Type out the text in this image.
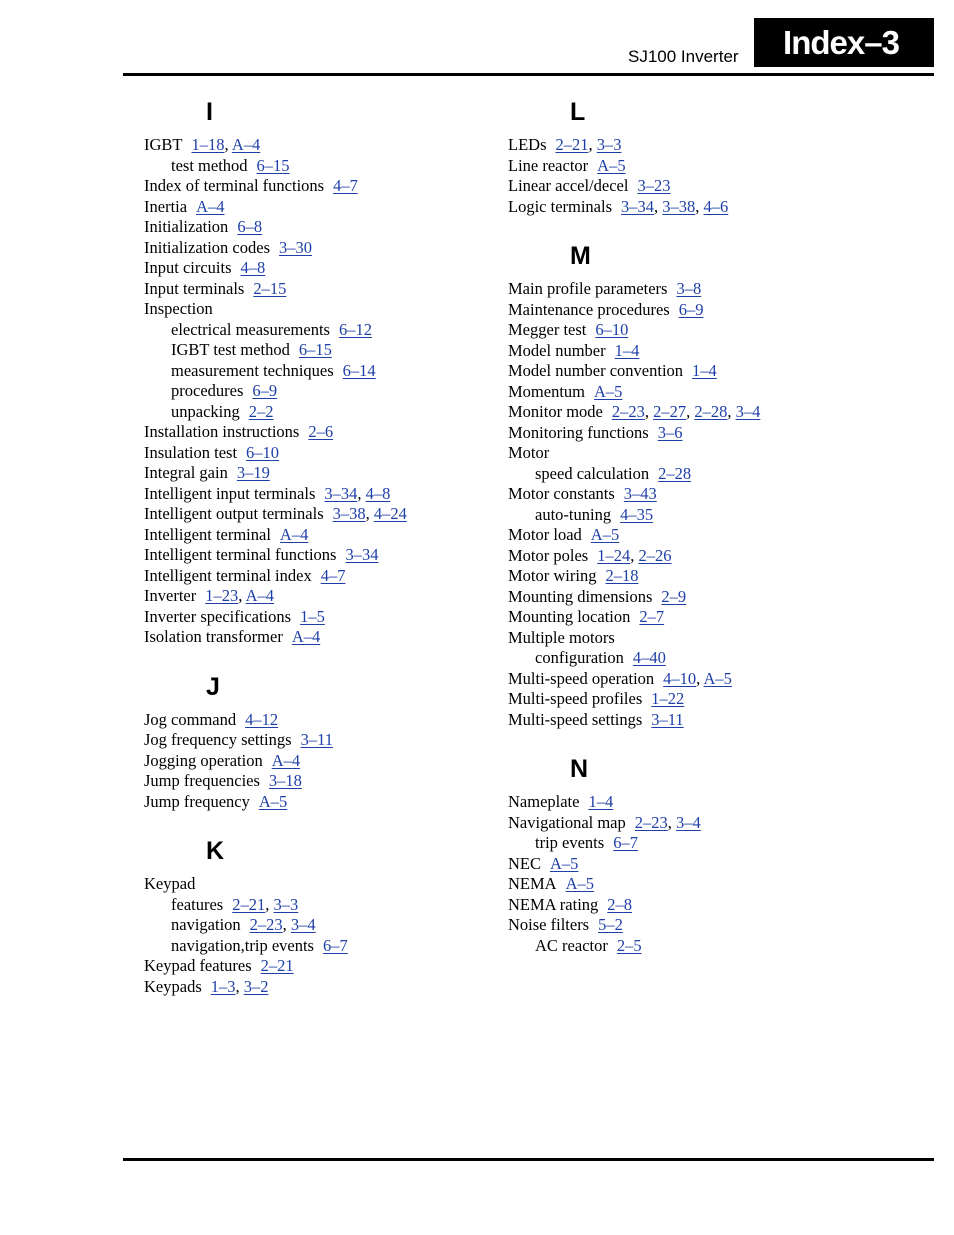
SJ100 Inverter	Index–3
I
IGBT 1–18, A–4
test method 6–15
Index of terminal functions 4–7
Inertia A–4
Initialization 6–8
Initialization codes 3–30
Input circuits 4–8
Input terminals 2–15
Inspection
electrical measurements 6–12
IGBT test method 6–15
measurement techniques 6–14
procedures 6–9
unpacking 2–2
Installation instructions 2–6
Insulation test 6–10
Integral gain 3–19
Intelligent input terminals 3–34, 4–8
Intelligent output terminals 3–38, 4–24
Intelligent terminal A–4
Intelligent terminal functions 3–34
Intelligent terminal index 4–7
Inverter 1–23, A–4
Inverter specifications 1–5
Isolation transformer A–4
J
Jog command 4–12
Jog frequency settings 3–11
Jogging operation A–4
Jump frequencies 3–18
Jump frequency A–5
K
Keypad
features 2–21, 3–3
navigation 2–23, 3–4
navigation,trip events 6–7
Keypad features 2–21
Keypads 1–3, 3–2
L
LEDs 2–21, 3–3
Line reactor A–5
Linear accel/decel 3–23
Logic terminals 3–34, 3–38, 4–6
M
Main profile parameters 3–8
Maintenance procedures 6–9
Megger test 6–10
Model number 1–4
Model number convention 1–4
Momentum A–5
Monitor mode 2–23, 2–27, 2–28, 3–4
Monitoring functions 3–6
Motor
speed calculation 2–28
Motor constants 3–43
auto-tuning 4–35
Motor load A–5
Motor poles 1–24, 2–26
Motor wiring 2–18
Mounting dimensions 2–9
Mounting location 2–7
Multiple motors
configuration 4–40
Multi-speed operation 4–10, A–5
Multi-speed profiles 1–22
Multi-speed settings 3–11
N
Nameplate 1–4
Navigational map 2–23, 3–4
trip events 6–7
NEC A–5
NEMA A–5
NEMA rating 2–8
Noise filters 5–2
AC reactor 2–5
